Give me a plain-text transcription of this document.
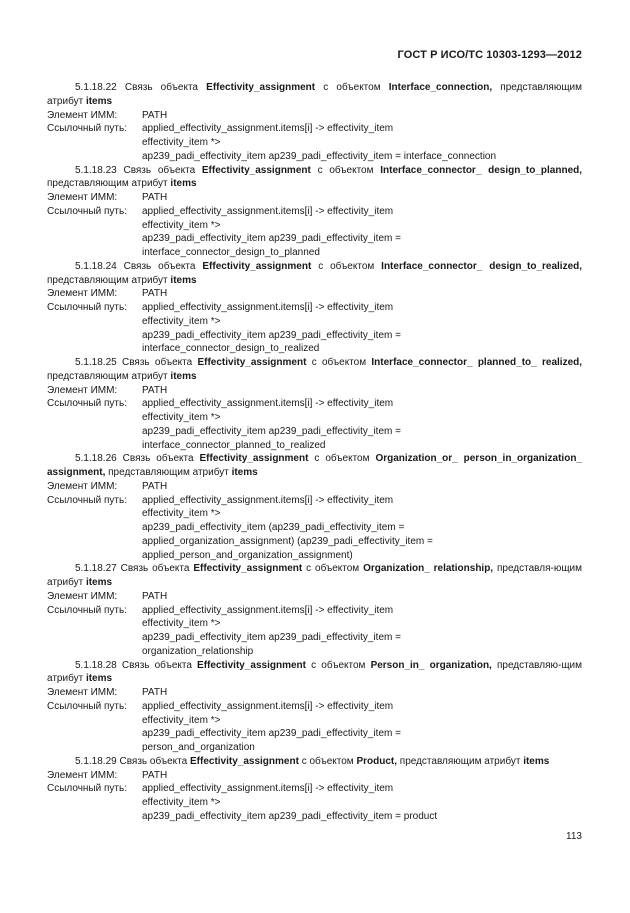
ГОСТ Р ИСО/ТС 10303-1293—2012

5.1.18.22 Связь объекта Effectivity_assignment с объектом Interface_connection, представляющим атрибут items

Элемент ИММ:	PATH
Ссылочный путь:	applied_effectivity_assignment.items[i] -> effectivity_item
effectivity_item *>
ap239_padi_effectivity_item ap239_padi_effectivity_item = interface_connection

5.1.18.23 Связь объекта Effectivity_assignment с объектом Interface_connector_ design_to_planned, представляющим атрибут items

Элемент ИММ:	PATH
Ссылочный путь:	applied_effectivity_assignment.items[i] -> effectivity_item
effectivity_item *>
ap239_padi_effectivity_item ap239_padi_effectivity_item =
interface_connector_design_to_planned

5.1.18.24 Связь объекта Effectivity_assignment с объектом Interface_connector_ design_to_realized, представляющим атрибут items

Элемент ИММ:	PATH
Ссылочный путь:	applied_effectivity_assignment.items[i] -> effectivity_item
effectivity_item *>
ap239_padi_effectivity_item ap239_padi_effectivity_item =
interface_connector_design_to_realized

5.1.18.25 Связь объекта Effectivity_assignment с объектом Interface_connector_ planned_to_ realized, представляющим атрибут items

Элемент ИММ:	PATH
Ссылочный путь:	applied_effectivity_assignment.items[i] -> effectivity_item
effectivity_item *>
ap239_padi_effectivity_item ap239_padi_effectivity_item =
interface_connector_planned_to_realized

5.1.18.26 Связь объекта Effectivity_assignment с объектом Organization_or_ person_in_organization_ assignment, представляющим атрибут items

Элемент ИММ:	PATH
Ссылочный путь:	applied_effectivity_assignment.items[i] -> effectivity_item
effectivity_item *>
ap239_padi_effectivity_item (ap239_padi_effectivity_item =
applied_organization_assignment) (ap239_padi_effectivity_item =
applied_person_and_organization_assignment)

5.1.18.27 Связь объекта Effectivity_assignment с объектом Organization_ relationship, представля-ющим атрибут items

Элемент ИММ:	PATH
Ссылочный путь:	applied_effectivity_assignment.items[i] -> effectivity_item
effectivity_item *>
ap239_padi_effectivity_item ap239_padi_effectivity_item =
organization_relationship

5.1.18.28 Связь объекта Effectivity_assignment с объектом Person_in_ organization, представляю-щим атрибут items

Элемент ИММ:	PATH
Ссылочный путь:	applied_effectivity_assignment.items[i] -> effectivity_item
effectivity_item *>
ap239_padi_effectivity_item ap239_padi_effectivity_item =
person_and_organization

5.1.18.29 Связь объекта Effectivity_assignment с объектом Product, представляющим атрибут items

Элемент ИММ:	PATH
Ссылочный путь:	applied_effectivity_assignment.items[i] -> effectivity_item
effectivity_item *>
ap239_padi_effectivity_item ap239_padi_effectivity_item = product
113
